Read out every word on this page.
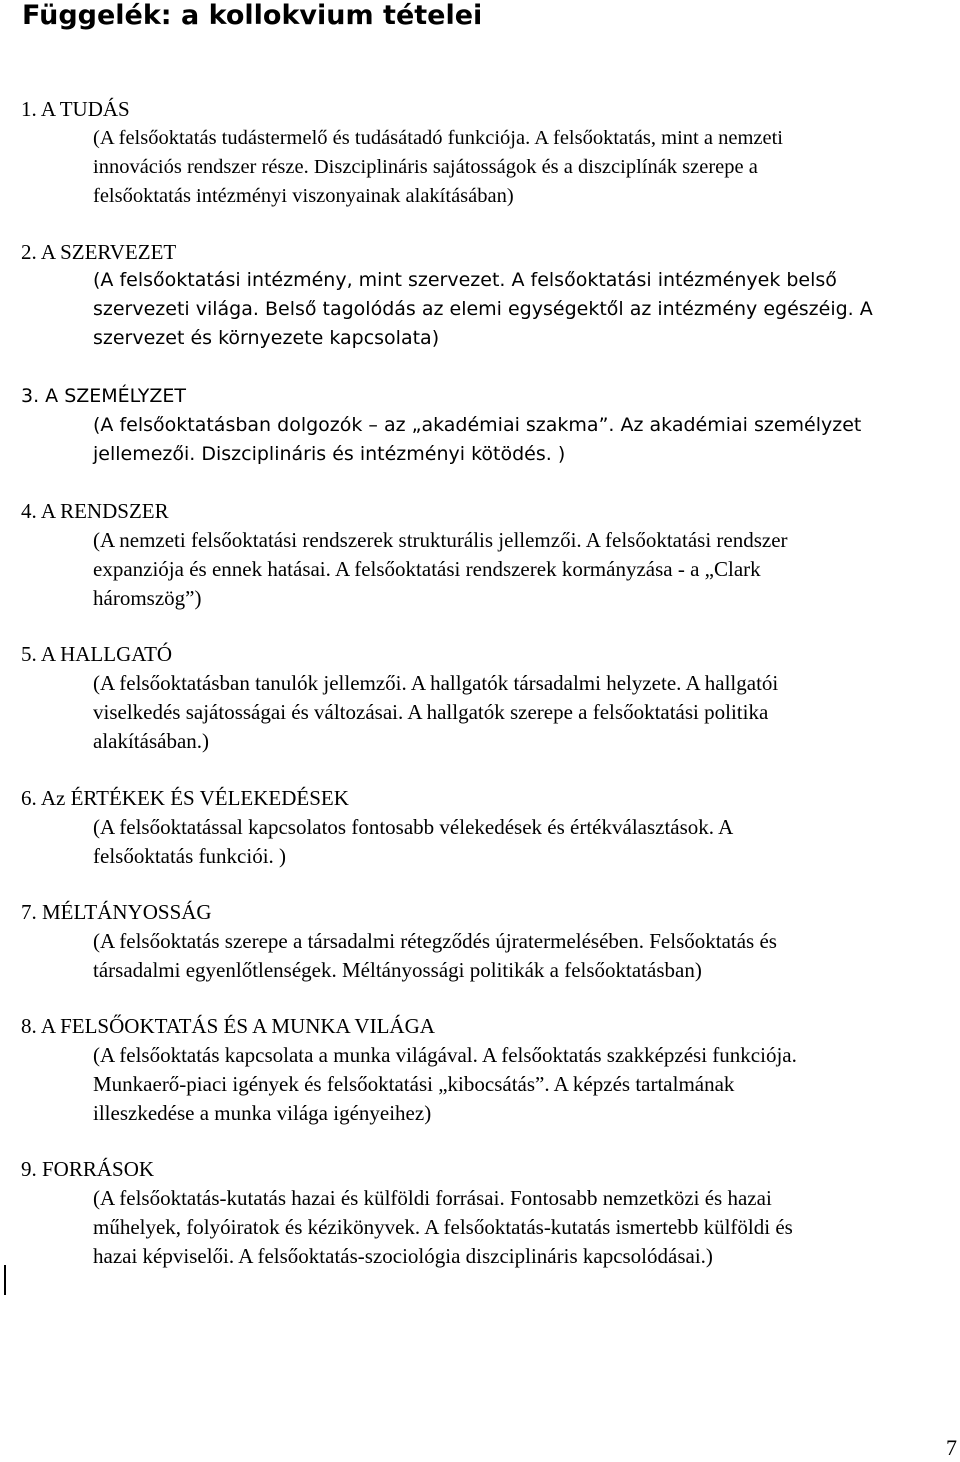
Függelék: a kollokvium tételei
1. A TUDÁS
(A felsőoktatás tudástermelő és tudásátadó funkciója. A felsőoktatás, mint a nemzeti
innovációs rendszer része. Diszciplináris sajátosságok és a diszciplínák szerepe a
felsőoktatás intézményi viszonyainak alakításában)
2. A SZERVEZET
(A felsőoktatási intézmény, mint szervezet. A felsőoktatási intézmények belső
szervezeti világa. Belső tagolódás az elemi egységektől az intézmény egészéig. A
szervezet és környezete kapcsolata)
3. A SZEMÉLYZET
(A felsőoktatásban dolgozók – az „akadémiai szakma”. Az akadémiai személyzet
jellemezői. Diszciplináris és intézményi kötödés. )
4. A RENDSZER
(A nemzeti felsőoktatási rendszerek strukturális jellemzői. A felsőoktatási rendszer
expanziója és ennek hatásai. A felsőoktatási rendszerek kormányzása - a „Clark
háromszög”)
5. A HALLGATÓ
(A felsőoktatásban tanulók jellemzői. A hallgatók társadalmi helyzete. A hallgatói
viselkedés sajátosságai és változásai. A hallgatók szerepe a felsőoktatási politika
alakításában.)
6. Az ÉRTÉKEK ÉS VÉLEKEDÉSEK
(A felsőoktatással kapcsolatos fontosabb vélekedések és értékválasztások. A
felsőoktatás funkciói. )
7. MÉLTÁNYOSSÁG
(A felsőoktatás szerepe a társadalmi rétegződés újratermelésében. Felsőoktatás és
társadalmi egyenlőtlenségek. Méltányossági politikák a felsőoktatásban)
8. A FELSŐOKTATÁS ÉS A MUNKA VILÁGA
(A felsőoktatás kapcsolata a munka világával. A felsőoktatás szakképzési funkciója.
Munkaerő-piaci igények és felsőoktatási „kibocsátás”. A képzés tartalmának
illeszkedése a munka világa igényeihez)
9. FORRÁSOK
(A felsőoktatás-kutatás hazai és külföldi forrásai. Fontosabb nemzetközi és hazai
műhelyek, folyóiratok és kézikönyvek. A felsőoktatás-kutatás ismertebb külföldi és
hazai képviselői. A felsőoktatás-szociológia diszciplináris kapcsolódásai.)
7
